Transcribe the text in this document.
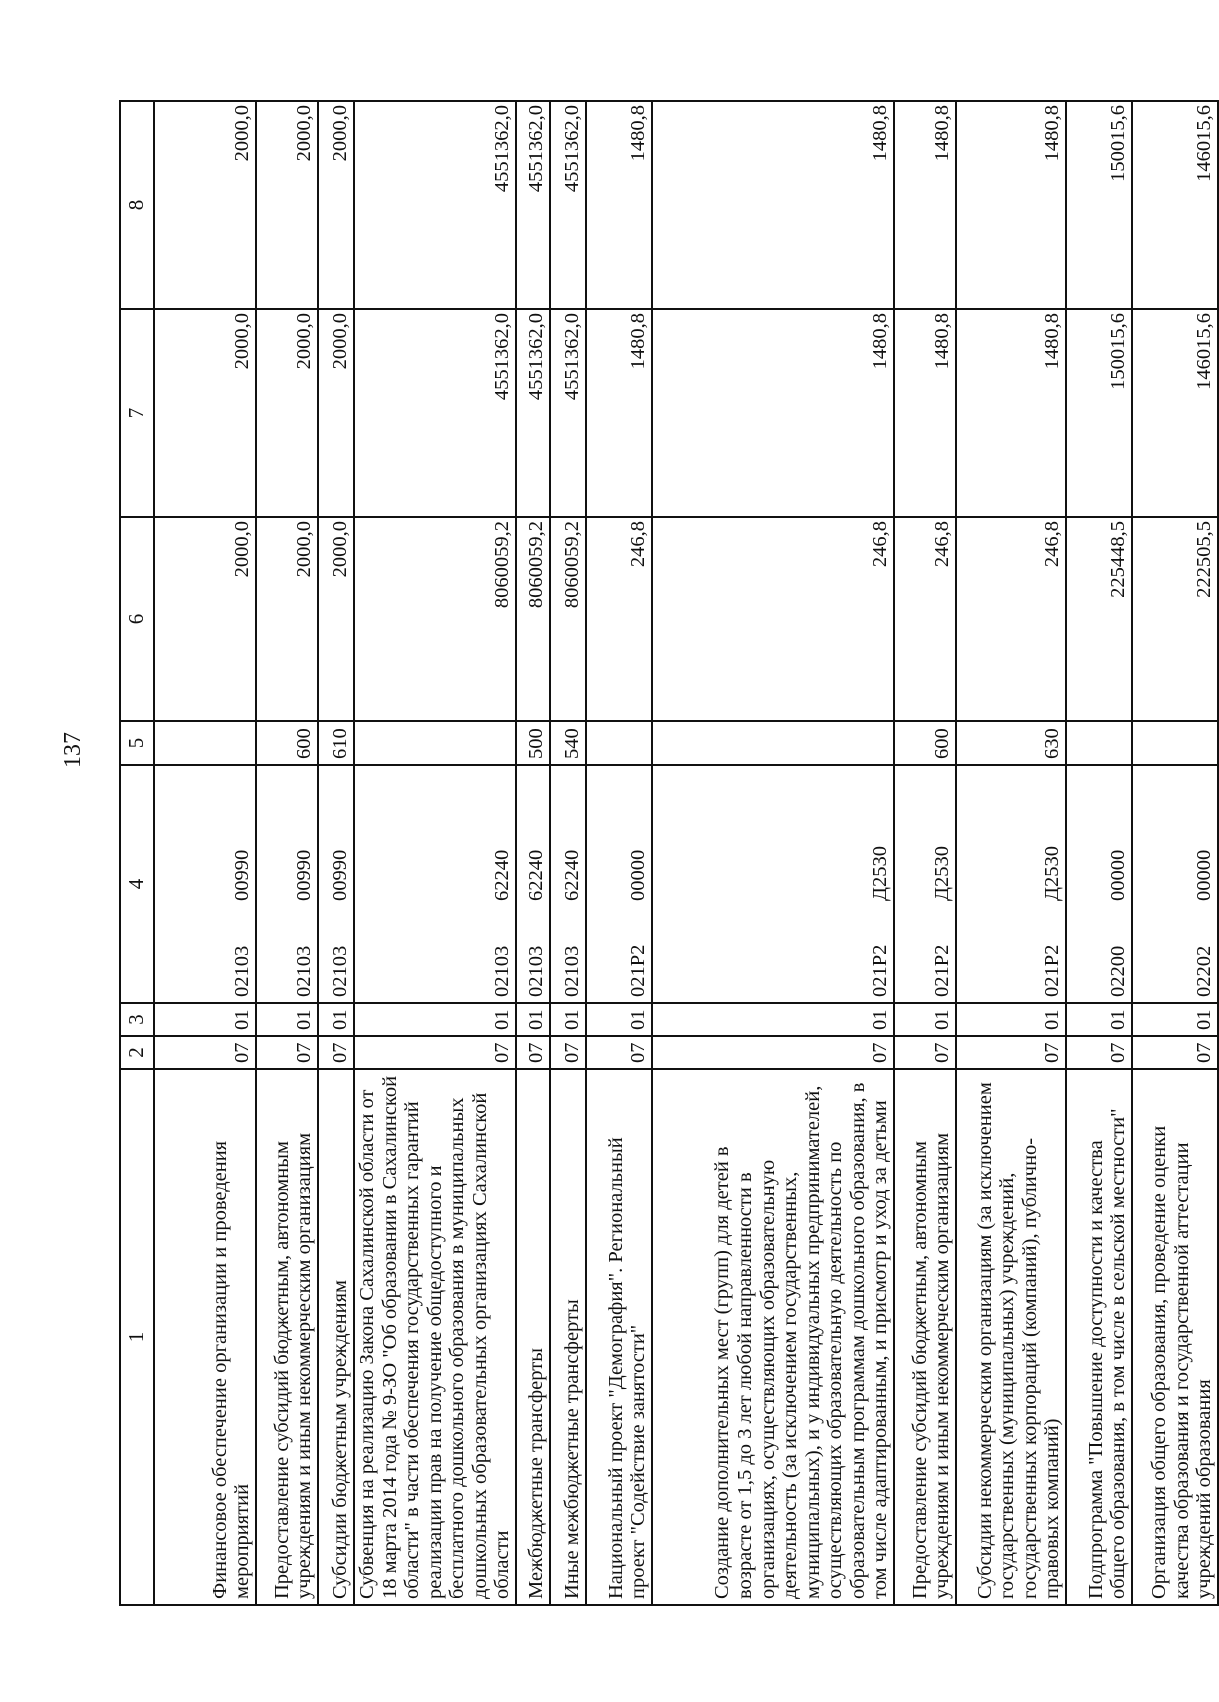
137
1	2	3	4	5	6	7	8
Финансовое обеспечение организации и проведения мероприятий	07	01	0210300990		2000,0	2000,0	2000,0
Предоставление субсидий бюджетным, автономным учреждениям и иным некоммерческим организациям	07	01	0210300990	600	2000,0	2000,0	2000,0
Субсидии бюджетным учреждениям	07	01	0210300990	610	2000,0	2000,0	2000,0
Субвенция на реализацию Закона Сахалинской области от 18 марта 2014 года № 9-ЗО "Об образовании в Сахалинской области" в части обеспечения государственных гарантий реализации прав на получение общедоступного и бесплатного дошкольного образования в муниципальных дошкольных образовательных организациях Сахалинской области	07	01	0210362240		8060059,2	4551362,0	4551362,0
Межбюджетные трансферты	07	01	0210362240	500	8060059,2	4551362,0	4551362,0
Иные межбюджетные трансферты	07	01	0210362240	540	8060059,2	4551362,0	4551362,0
Национальный проект "Демография". Региональный проект "Содействие занятости"	07	01	021P200000		246,8	1480,8	1480,8
Создание дополнительных мест (групп) для детей в возрасте от 1,5 до 3 лет любой направленности в организациях, осуществляющих образовательную деятельность (за исключением государственных, муниципальных), и у индивидуальных предпринимателей, осуществляющих образовательную деятельность по образовательным программам дошкольного образования, в том числе адаптированным, и присмотр и уход за детьми	07	01	021P2Д2530		246,8	1480,8	1480,8
Предоставление субсидий бюджетным, автономным учреждениям и иным некоммерческим организациям	07	01	021P2Д2530	600	246,8	1480,8	1480,8
Субсидии некоммерческим организациям (за исключением государственных (муниципальных) учреждений, государственных корпораций (компаний), публично-правовых компаний)	07	01	021P2Д2530	630	246,8	1480,8	1480,8
Подпрограмма "Повышение доступности и качества общего образования, в том числе в сельской местности"	07	01	0220000000		225448,5	150015,6	150015,6
Организация общего образования, проведение оценки качества образования и государственной аттестации учреждений образования	07	01	0220200000		222505,5	146015,6	146015,6
